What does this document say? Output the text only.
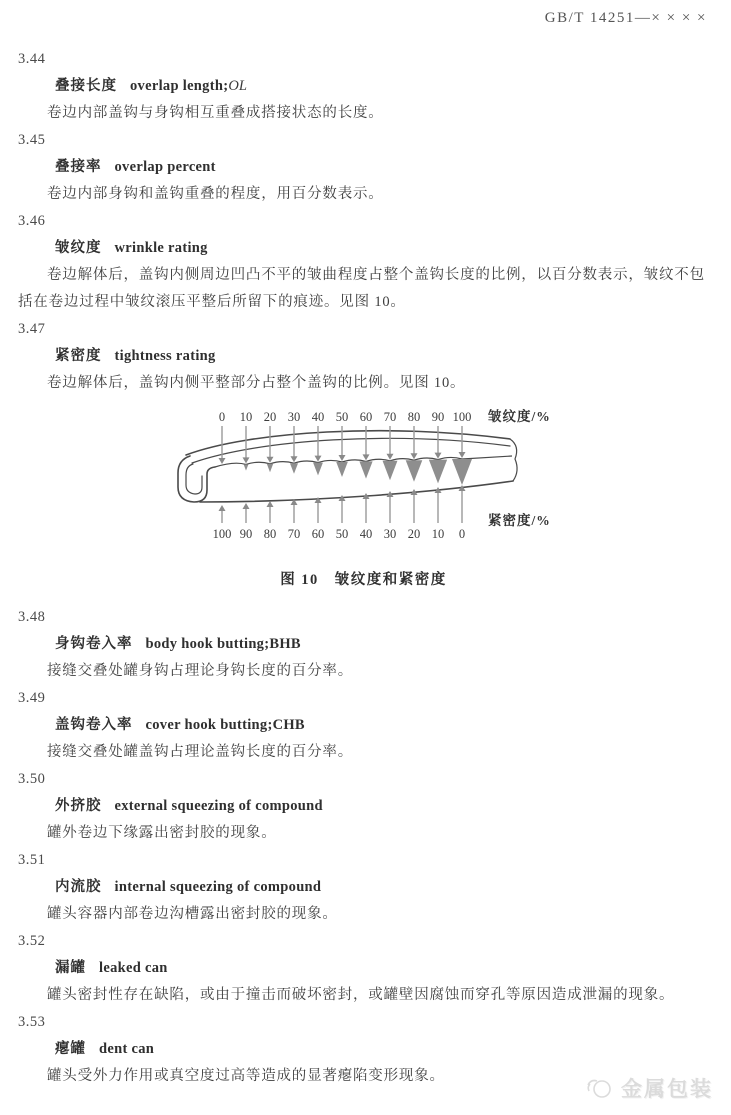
GB/T 14251—× × × ×
3.44
叠接长度 overlap length;OL

卷边内部盖钩与身钩相互重叠成搭接状态的长度。

3.45
叠接率 overlap percent

卷边内部身钩和盖钩重叠的程度，用百分数表示。

3.46
皱纹度 wrinkle rating

卷边解体后，盖钩内侧周边凹凸不平的皱曲程度占整个盖钩长度的比例，以百分数表示，皱纹不包括在卷边过程中皱纹滚压平整后所留下的痕迹。见图 10。

3.47
紧密度 tightness rating

卷边解体后，盖钩内侧平整部分占整个盖钩的比例。见图 10。

0
100
10
90
20
80
30
70
40
60
50
50
60
40
70
30
80
20
90
10
100
0
皱纹度/%
紧密度/%
图 10　皱纹度和紧密度
3.48
身钩卷入率 body hook butting;BHB

接缝交叠处罐身钩占理论身钩长度的百分率。

3.49
盖钩卷入率 cover hook butting;CHB

接缝交叠处罐盖钩占理论盖钩长度的百分率。

3.50
外挤胶 external squeezing of compound

罐外卷边下缘露出密封胶的现象。

3.51
内流胶 internal squeezing of compound

罐头容器内部卷边沟槽露出密封胶的现象。

3.52
漏罐 leaked can

罐头密封性存在缺陷，或由于撞击而破坏密封，或罐壁因腐蚀而穿孔等原因造成泄漏的现象。

3.53
瘪罐 dent can

罐头受外力作用或真空度过高等造成的显著瘪陷变形现象。

金属包装
